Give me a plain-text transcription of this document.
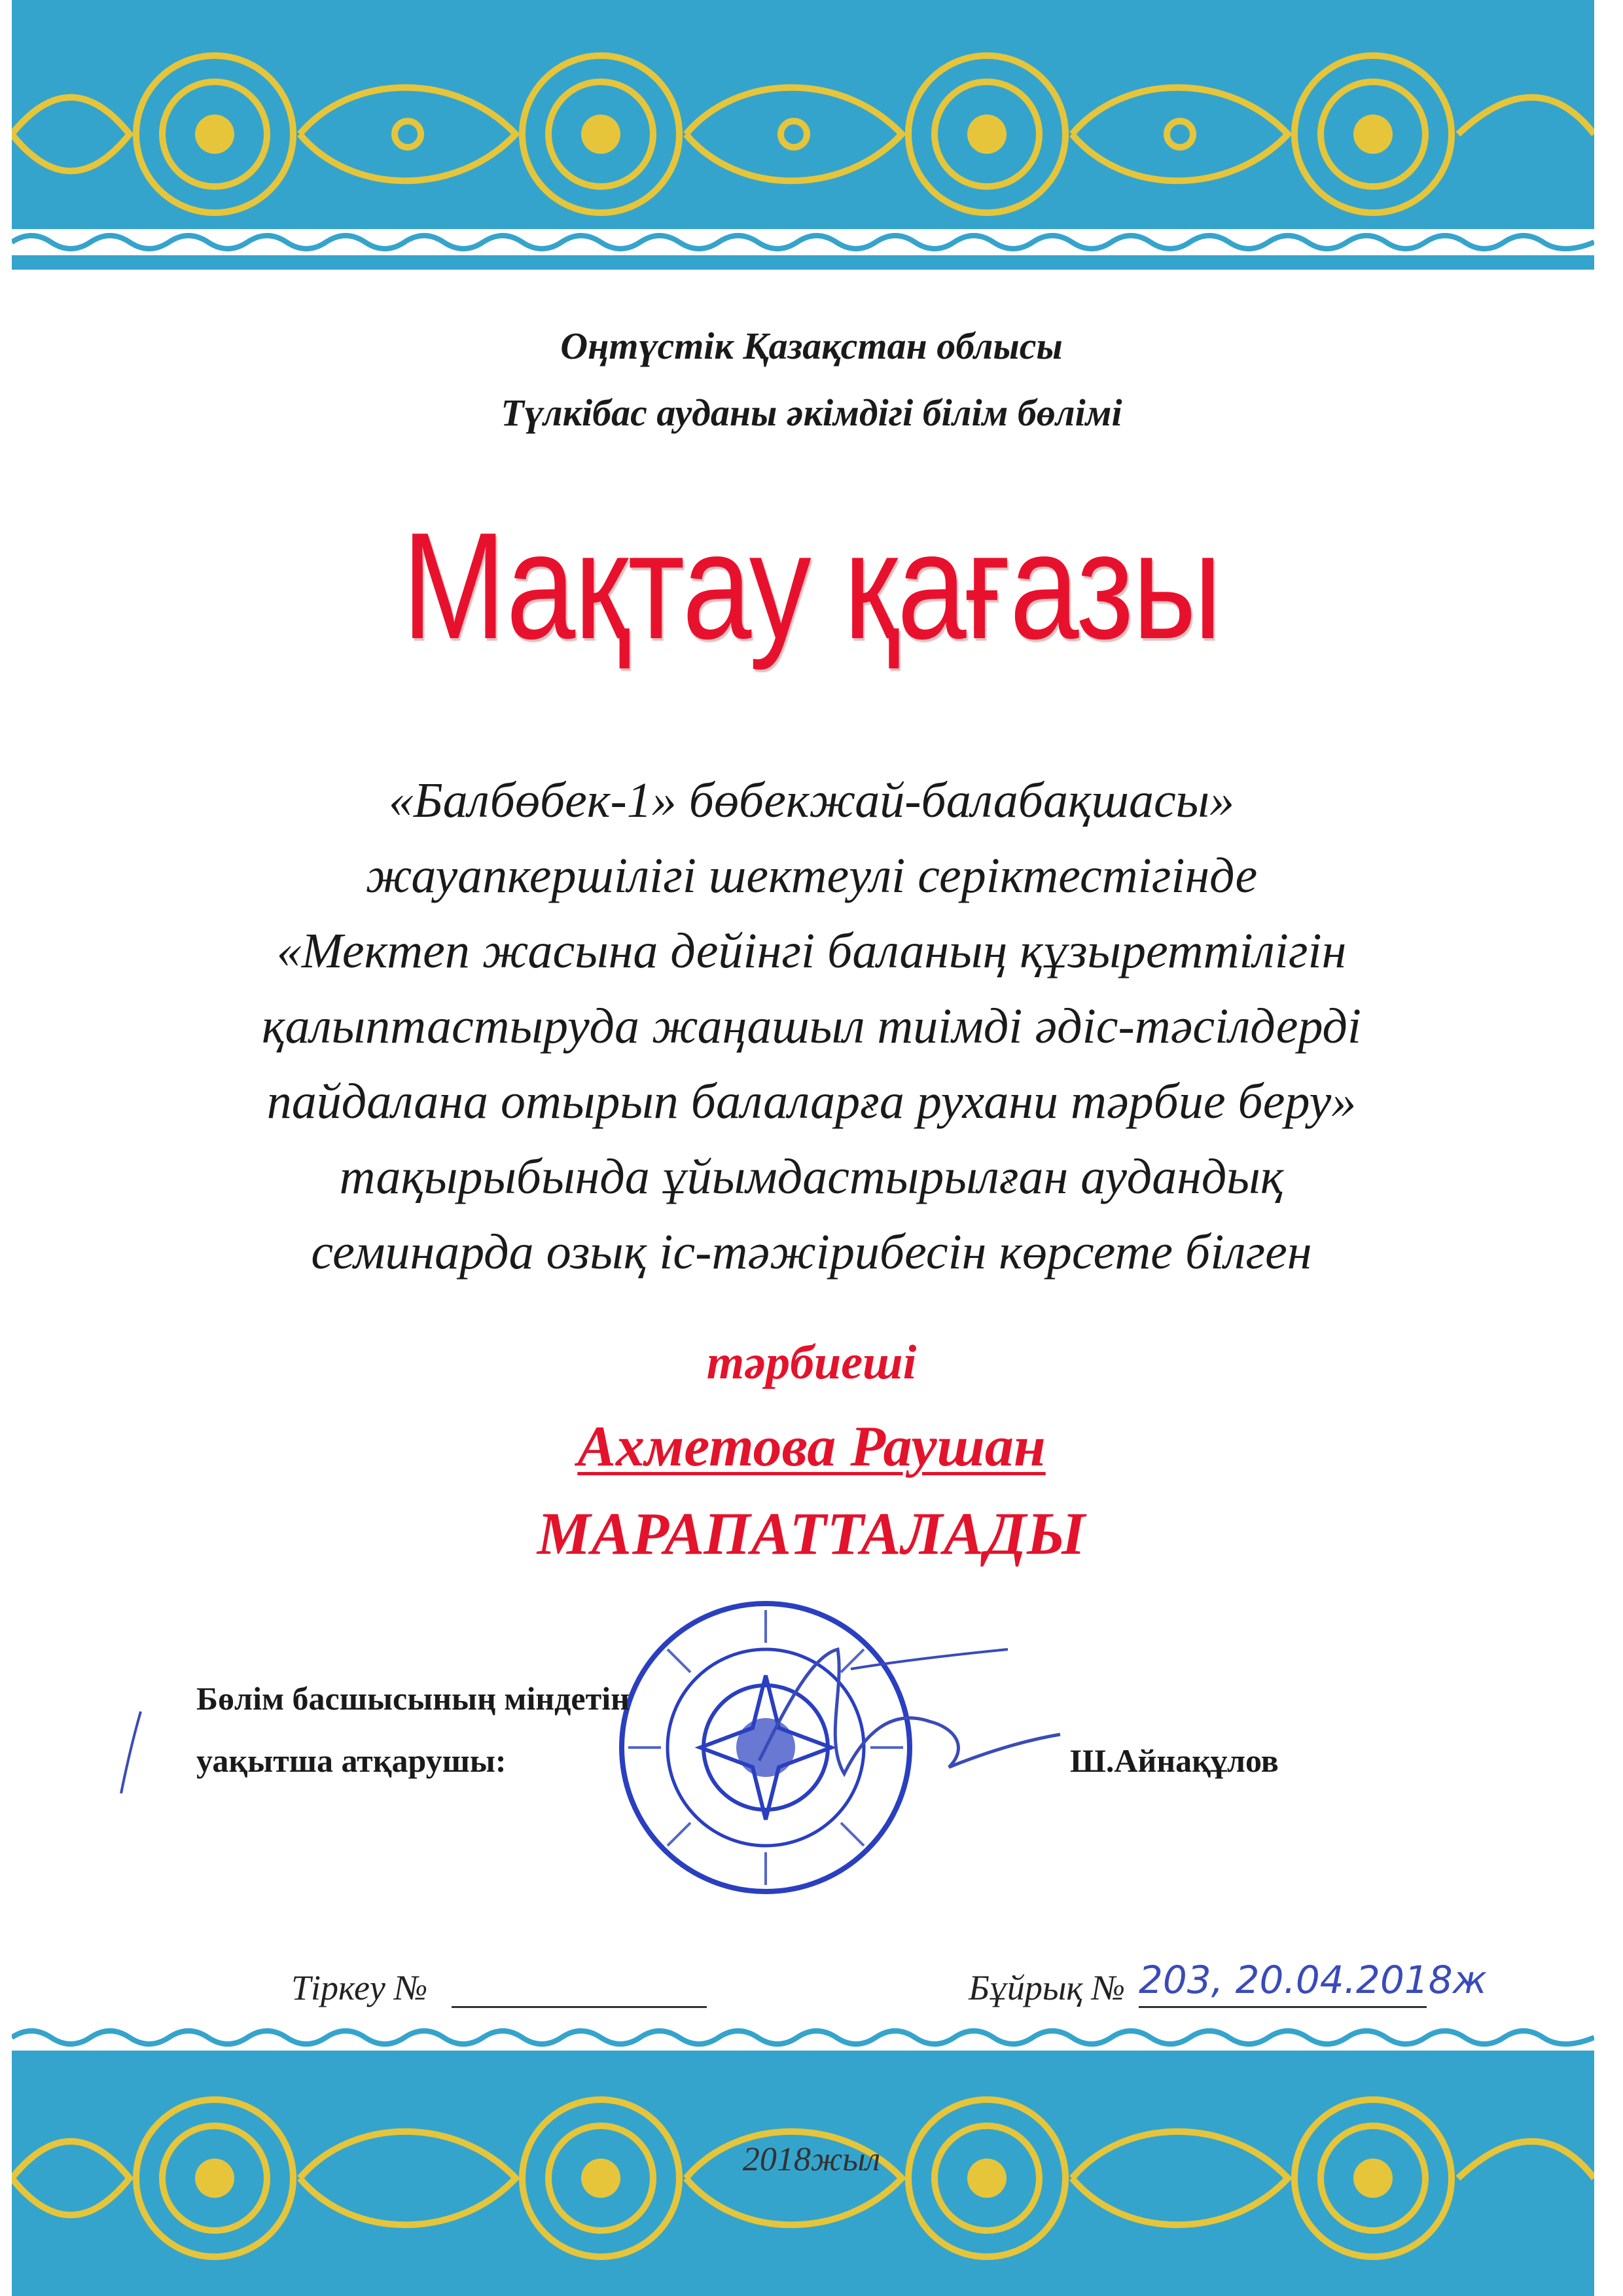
Оңтүстік Қазақстан облысы
Түлкібас ауданы әкімдігі білім бөлімі
Мақтау қағазы
«Балбөбек-1» бөбекжай-балабақшасы»
жауапкершілігі шектеулі серіктестігінде
«Мектеп жасына дейінгі баланың құзыреттілігін
қалыптастыруда жаңашыл тиімді әдіс-тәсілдерді
пайдалана отырып балаларға рухани тәрбие беру»
тақырыбында ұйымдастырылған аудандық
семинарда озық іс-тәжірибесін көрсете білген
тәрбиеші
Ахметова Раушан
МАРАПАТТАЛАДЫ
Бөлім басшысының міндетін
уақытша атқарушы:	Ш.Айнақұлов
Тіркеу №	Бұйрық № 203, 20.04.2018ж
2018жыл
